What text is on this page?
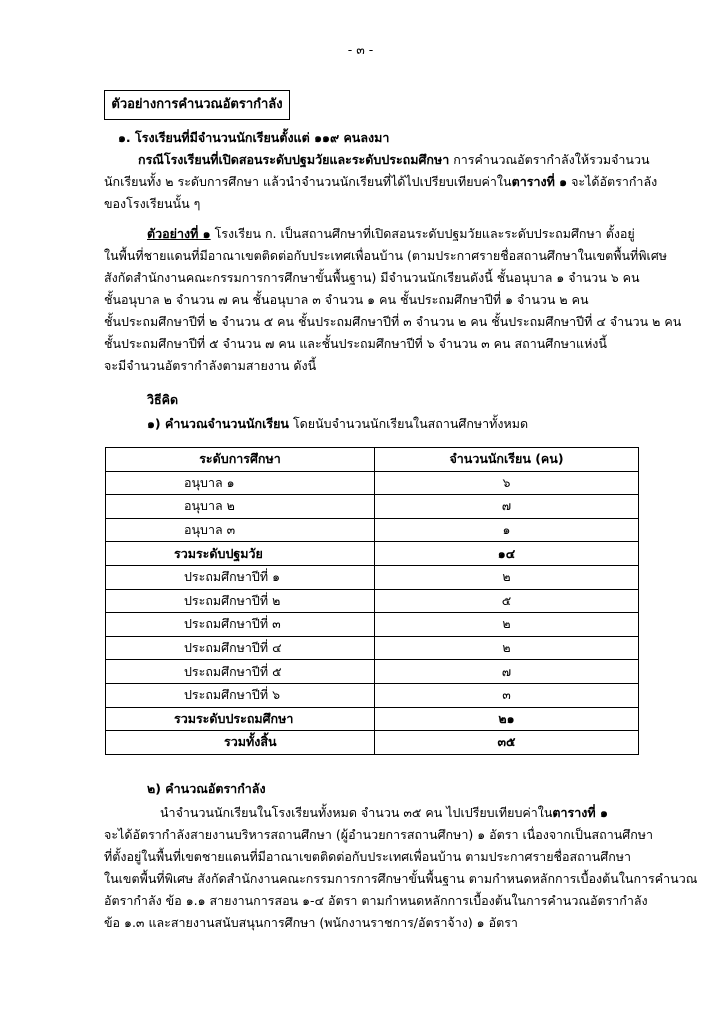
- ๓ -
ตัวอย่างการคำนวณอัตรากำลัง
๑. โรงเรียนที่มีจำนวนนักเรียนตั้งแต่ ๑๑๙ คนลงมา
กรณีโรงเรียนที่เปิดสอนระดับปฐมวัยและระดับประถมศึกษา การคำนวณอัตรากำลังให้รวมจำนวน
นักเรียนทั้ง ๒ ระดับการศึกษา แล้วนำจำนวนนักเรียนที่ได้ไปเปรียบเทียบค่าในตารางที่ ๑ จะได้อัตรากำลัง
ของโรงเรียนนั้น ๆ
ตัวอย่างที่ ๑ โรงเรียน ก. เป็นสถานศึกษาที่เปิดสอนระดับปฐมวัยและระดับประถมศึกษา ตั้งอยู่
ในพื้นที่ชายแดนที่มีอาณาเขตติดต่อกับประเทศเพื่อนบ้าน (ตามประกาศรายชื่อสถานศึกษาในเขตพื้นที่พิเศษ
สังกัดสำนักงานคณะกรรมการการศึกษาขั้นพื้นฐาน) มีจำนวนนักเรียนดังนี้ ชั้นอนุบาล ๑ จำนวน ๖ คน
ชั้นอนุบาล ๒ จำนวน ๗ คน ชั้นอนุบาล ๓ จำนวน ๑ คน ชั้นประถมศึกษาปีที่ ๑ จำนวน ๒ คน
ชั้นประถมศึกษาปีที่ ๒ จำนวน ๕ คน ชั้นประถมศึกษาปีที่ ๓ จำนวน ๒ คน ชั้นประถมศึกษาปีที่ ๔ จำนวน ๒ คน
ชั้นประถมศึกษาปีที่ ๕ จำนวน ๗ คน และชั้นประถมศึกษาปีที่ ๖ จำนวน ๓ คน สถานศึกษาแห่งนี้
จะมีจำนวนอัตรากำลังตามสายงาน ดังนี้
วิธีคิด
๑) คำนวณจำนวนนักเรียน โดยนับจำนวนนักเรียนในสถานศึกษาทั้งหมด
ระดับการศึกษา	จำนวนนักเรียน (คน)
อนุบาล ๑	๖
อนุบาล ๒	๗
อนุบาล ๓	๑
รวมระดับปฐมวัย	๑๔
ประถมศึกษาปีที่ ๑	๒
ประถมศึกษาปีที่ ๒	๕
ประถมศึกษาปีที่ ๓	๒
ประถมศึกษาปีที่ ๔	๒
ประถมศึกษาปีที่ ๕	๗
ประถมศึกษาปีที่ ๖	๓
รวมระดับประถมศึกษา	๒๑
รวมทั้งสิ้น	๓๕
๒) คำนวณอัตรากำลัง
นำจำนวนนักเรียนในโรงเรียนทั้งหมด จำนวน ๓๕ คน ไปเปรียบเทียบค่าในตารางที่ ๑
จะได้อัตรากำลังสายงานบริหารสถานศึกษา (ผู้อำนวยการสถานศึกษา) ๑ อัตรา เนื่องจากเป็นสถานศึกษา
ที่ตั้งอยู่ในพื้นที่เขตชายแดนที่มีอาณาเขตติดต่อกับประเทศเพื่อนบ้าน ตามประกาศรายชื่อสถานศึกษา
ในเขตพื้นที่พิเศษ สังกัดสำนักงานคณะกรรมการการศึกษาขั้นพื้นฐาน ตามกำหนดหลักการเบื้องต้นในการคำนวณ
อัตรากำลัง ข้อ ๑.๑ สายงานการสอน ๑-๔ อัตรา ตามกำหนดหลักการเบื้องต้นในการคำนวณอัตรากำลัง
ข้อ ๑.๓ และสายงานสนับสนุนการศึกษา (พนักงานราชการ/อัตราจ้าง) ๑ อัตรา
